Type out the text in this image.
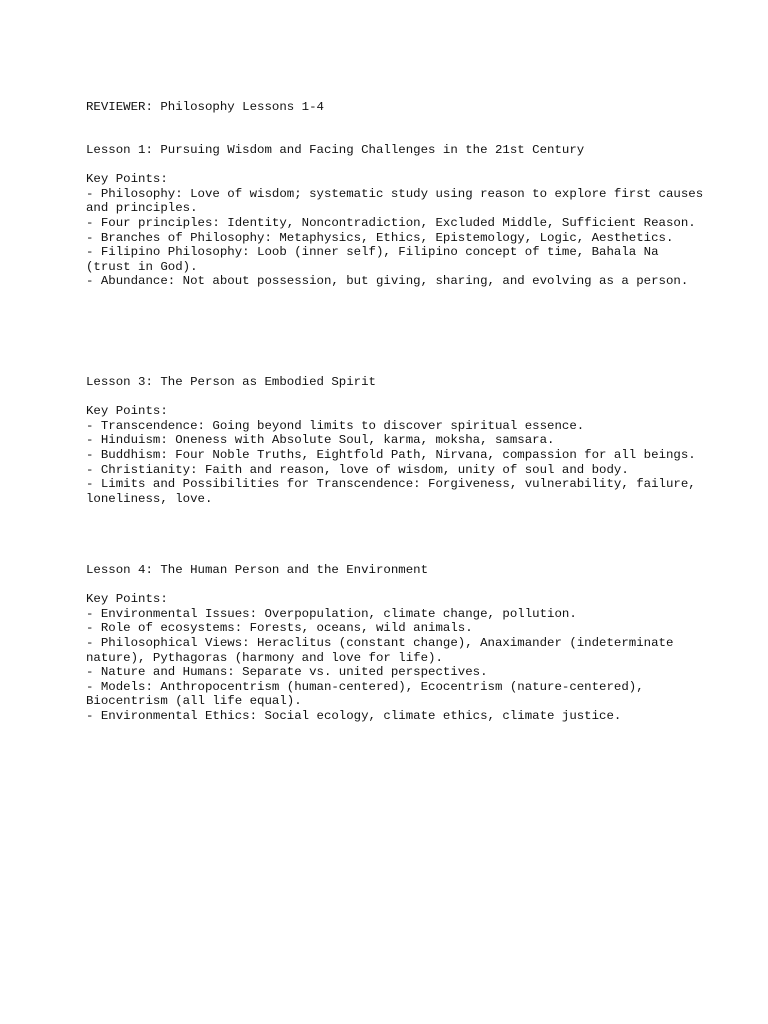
REVIEWER: Philosophy Lessons 1-4
Lesson 1: Pursuing Wisdom and Facing Challenges in the 21st Century
Key Points:
- Philosophy: Love of wisdom; systematic study using reason to explore first causes and principles.
- Four principles: Identity, Noncontradiction, Excluded Middle, Sufficient Reason.
- Branches of Philosophy: Metaphysics, Ethics, Epistemology, Logic, Aesthetics.
- Filipino Philosophy: Loob (inner self), Filipino concept of time, Bahala Na (trust in God).
- Abundance: Not about possession, but giving, sharing, and evolving as a person.
Lesson 3: The Person as Embodied Spirit
Key Points:
- Transcendence: Going beyond limits to discover spiritual essence.
- Hinduism: Oneness with Absolute Soul, karma, moksha, samsara.
- Buddhism: Four Noble Truths, Eightfold Path, Nirvana, compassion for all beings.
- Christianity: Faith and reason, love of wisdom, unity of soul and body.
- Limits and Possibilities for Transcendence: Forgiveness, vulnerability, failure, loneliness, love.
Lesson 4: The Human Person and the Environment
Key Points:
- Environmental Issues: Overpopulation, climate change, pollution.
- Role of ecosystems: Forests, oceans, wild animals.
- Philosophical Views: Heraclitus (constant change), Anaximander (indeterminate nature), Pythagoras (harmony and love for life).
- Nature and Humans: Separate vs. united perspectives.
- Models: Anthropocentrism (human-centered), Ecocentrism (nature-centered), Biocentrism (all life equal).
- Environmental Ethics: Social ecology, climate ethics, climate justice.
